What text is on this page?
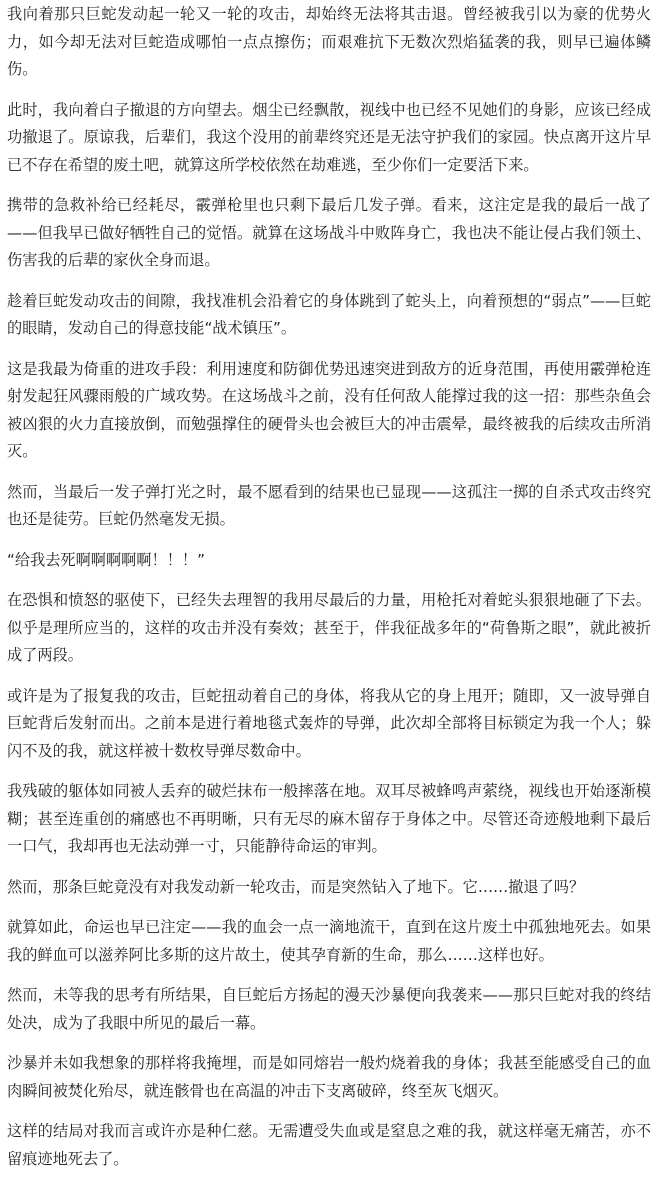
我向着那只巨蛇发动起一轮又一轮的攻击，却始终无法将其击退。曾经被我引以为豪的优势火力，如今却无法对巨蛇造成哪怕一点点擦伤；而艰难抗下无数次烈焰猛袭的我，则早已遍体鳞伤。

此时，我向着白子撤退的方向望去。烟尘已经飘散，视线中也已经不见她们的身影，应该已经成功撤退了。原谅我，后辈们，我这个没用的前辈终究还是无法守护我们的家园。快点离开这片早已不存在希望的废土吧，就算这所学校依然在劫难逃，至少你们一定要活下来。

携带的急救补给已经耗尽，霰弹枪里也只剩下最后几发子弹。看来，这注定是我的最后一战了——但我早已做好牺牲自己的觉悟。就算在这场战斗中败阵身亡，我也决不能让侵占我们领土、伤害我的后辈的家伙全身而退。

趁着巨蛇发动攻击的间隙，我找准机会沿着它的身体跳到了蛇头上，向着预想的“弱点”——巨蛇的眼睛，发动自己的得意技能“战术镇压”。

这是我最为倚重的进攻手段：利用速度和防御优势迅速突进到敌方的近身范围，再使用霰弹枪连射发起狂风骤雨般的广域攻势。在这场战斗之前，没有任何敌人能撑过我的这一招：那些杂鱼会被凶狠的火力直接放倒，而勉强撑住的硬骨头也会被巨大的冲击震晕，最终被我的后续攻击所消灭。

然而，当最后一发子弹打光之时，最不愿看到的结果也已显现——这孤注一掷的自杀式攻击终究也还是徒劳。巨蛇仍然毫发无损。

“给我去死啊啊啊啊啊！！！”

在恐惧和愤怒的驱使下，已经失去理智的我用尽最后的力量，用枪托对着蛇头狠狠地砸了下去。似乎是理所应当的，这样的攻击并没有奏效；甚至于，伴我征战多年的“荷鲁斯之眼”，就此被折成了两段。

或许是为了报复我的攻击，巨蛇扭动着自己的身体，将我从它的身上甩开；随即，又一波导弹自巨蛇背后发射而出。之前本是进行着地毯式轰炸的导弹，此次却全部将目标锁定为我一个人；躲闪不及的我，就这样被十数枚导弹尽数命中。

我残破的躯体如同被人丢弃的破烂抹布一般摔落在地。双耳尽被蜂鸣声萦绕，视线也开始逐渐模糊；甚至连重创的痛感也不再明晰，只有无尽的麻木留存于身体之中。尽管还奇迹般地剩下最后一口气，我却再也无法动弹一寸，只能静待命运的审判。

然而，那条巨蛇竟没有对我发动新一轮攻击，而是突然钻入了地下。它……撤退了吗？

就算如此，命运也早已注定——我的血会一点一滴地流干，直到在这片废土中孤独地死去。如果我的鲜血可以滋养阿比多斯的这片故土，使其孕育新的生命，那么……这样也好。

然而，未等我的思考有所结果，自巨蛇后方扬起的漫天沙暴便向我袭来——那只巨蛇对我的终结处决，成为了我眼中所见的最后一幕。

沙暴并未如我想象的那样将我掩埋，而是如同熔岩一般灼烧着我的身体；我甚至能感受自己的血肉瞬间被焚化殆尽，就连骸骨也在高温的冲击下支离破碎，终至灰飞烟灭。

这样的结局对我而言或许亦是种仁慈。无需遭受失血或是窒息之难的我，就这样毫无痛苦，亦不留痕迹地死去了。
